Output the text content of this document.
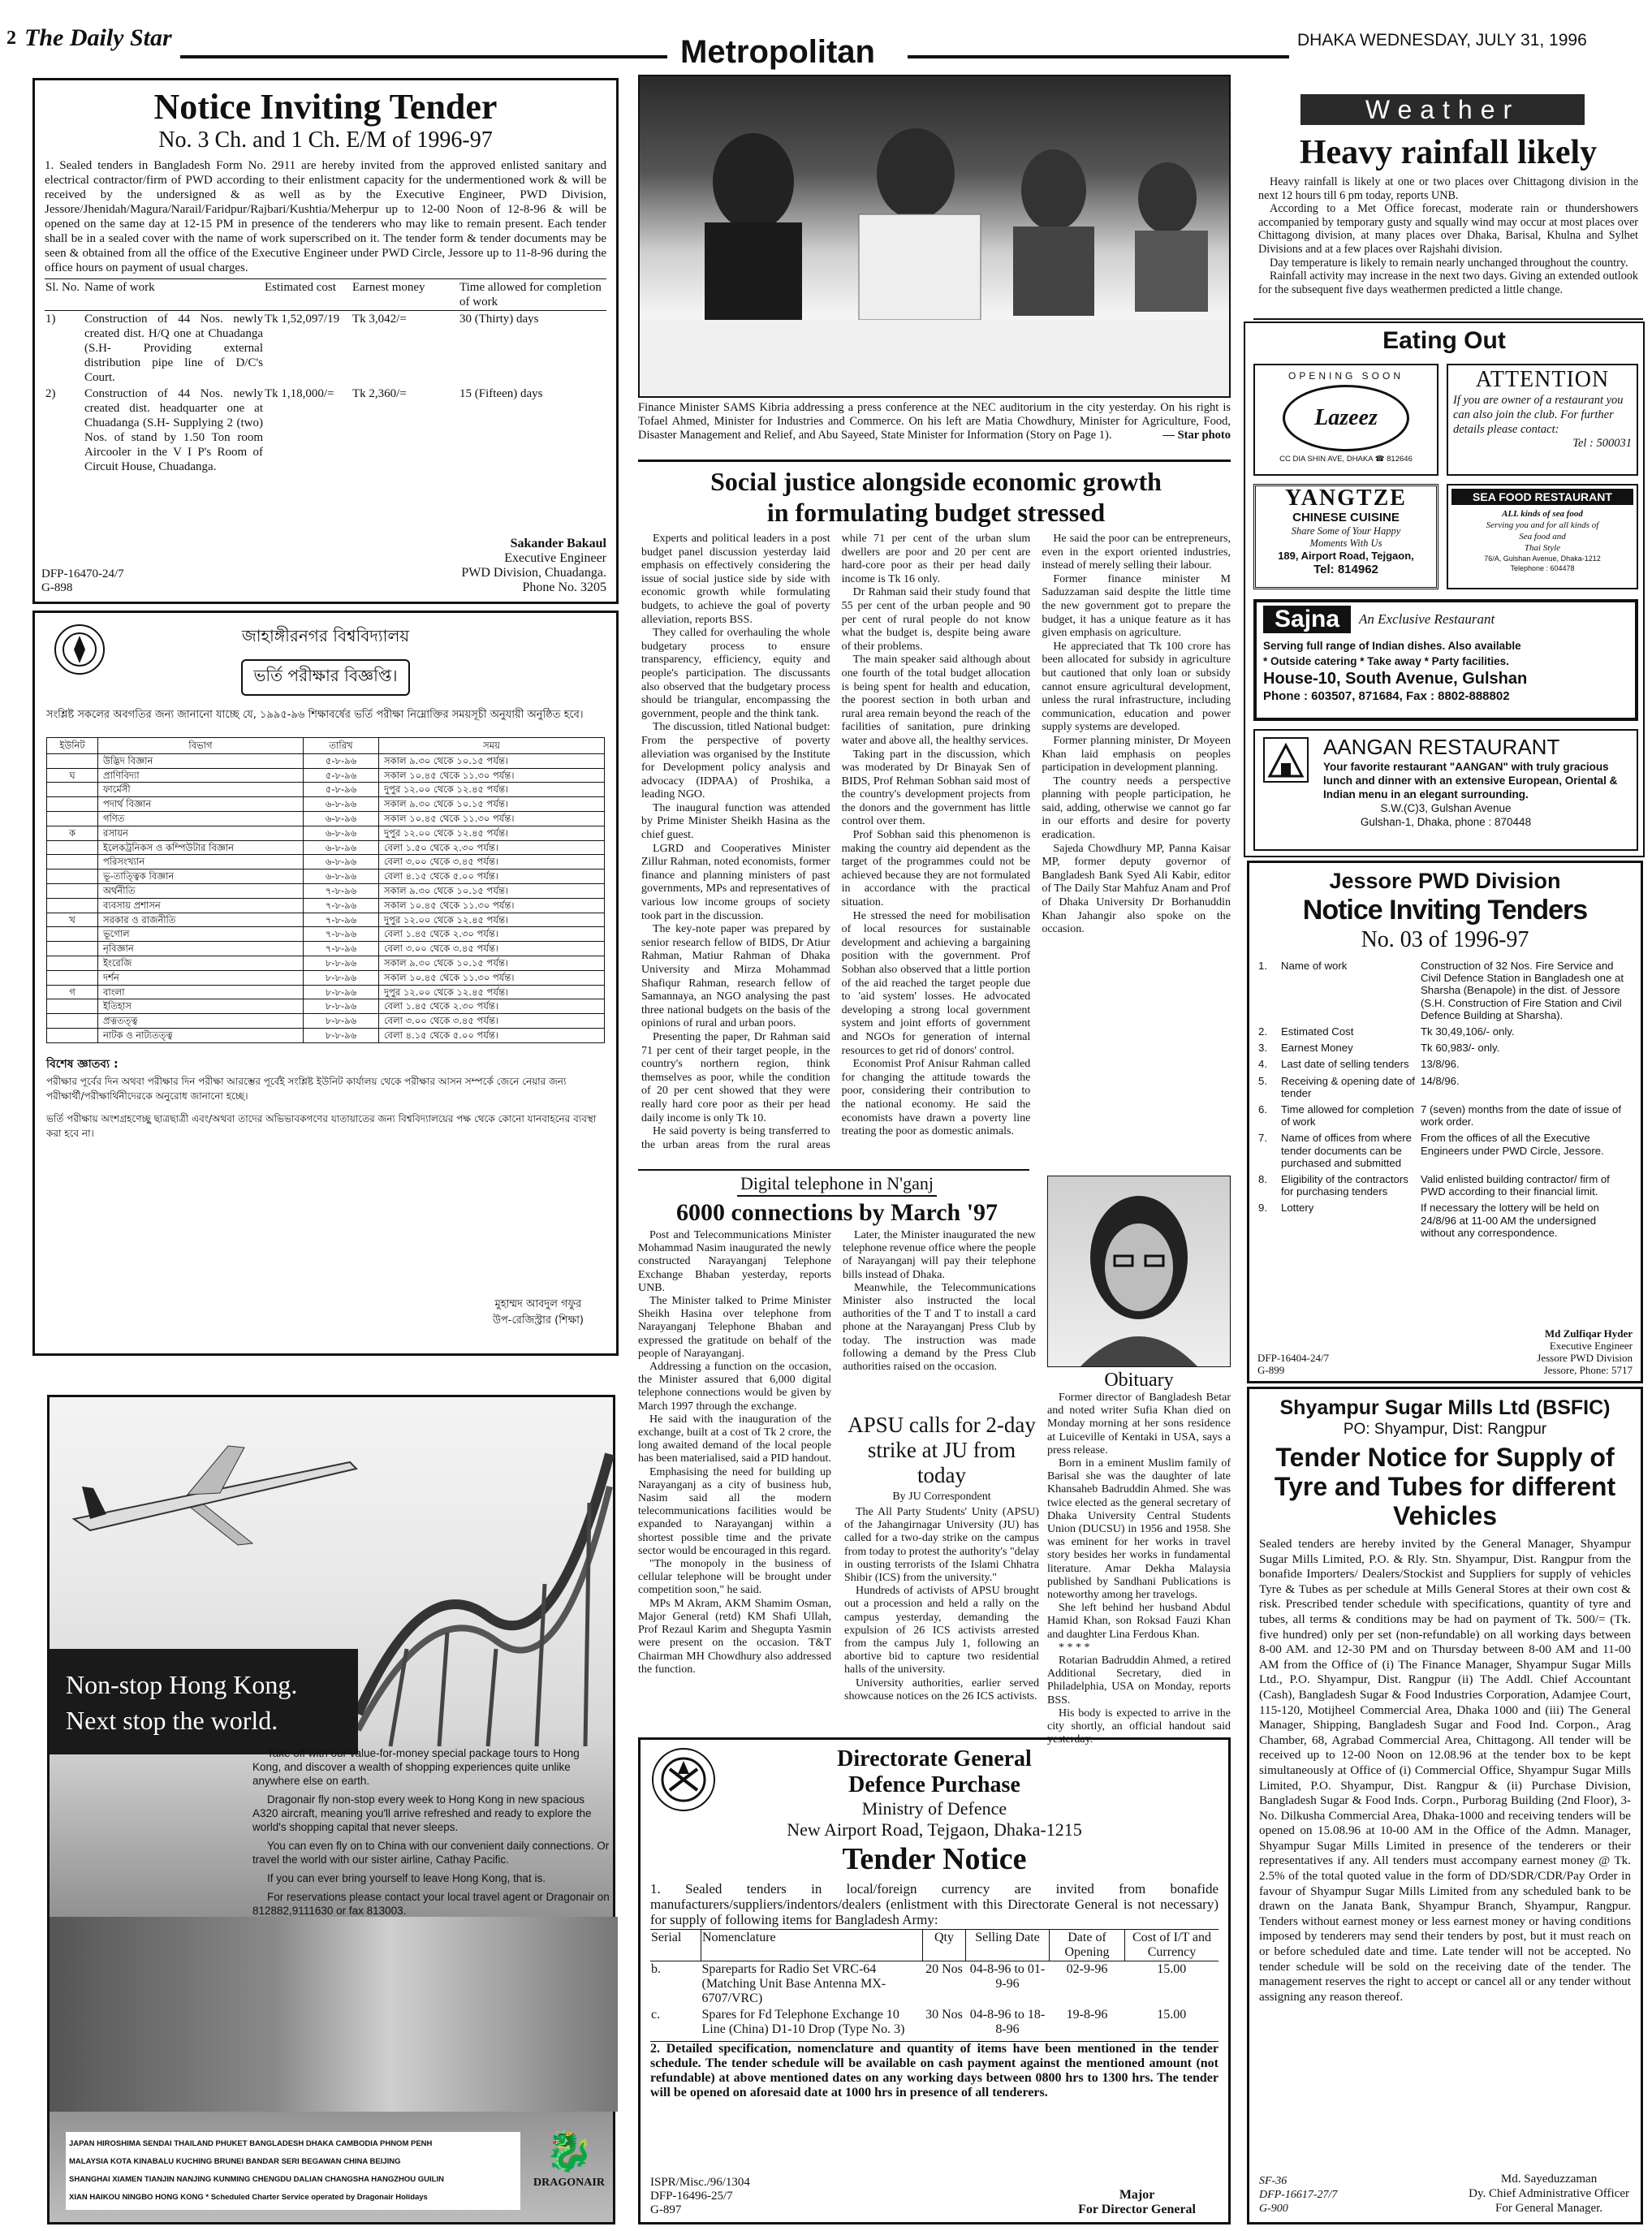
2 The Daily Star	Metropolitan	DHAKA WEDNESDAY, JULY 31, 1996
Notice Inviting Tender
No. 3 Ch. and 1 Ch. E/M of 1996-97
1. Sealed tenders in Bangladesh Form No. 2911 are hereby invited from the approved enlisted sanitary and electrical contractor/firm of PWD according to their enlistment capacity for the undermentioned work & will be received by the undersigned & as well as by the Executive Engineer, PWD Division, Jessore/Jhenidah/Magura/Narail/Faridpur/Rajbari/Kushtia/Meherpur up to 12-00 Noon of 12-8-96 & will be opened on the same day at 12-15 PM in presence of the tenderers who may like to remain present. Each tender shall be in a sealed cover with the name of work superscribed on it. The tender form & tender documents may be seen & obtained from all the office of the Executive Engineer under PWD Circle, Jessore up to 11-8-96 during the office hours on payment of usual charges.
Sl. No.	Name of work	Estimated cost	Earnest money	Time allowed for completion of work
1)	Construction of 44 Nos. newly created dist. H/Q one at Chuadanga (S.H- Providing external distribution pipe line of D/C's Court.	Tk 1,52,097/19	Tk 3,042/=	30 (Thirty) days
2)	Construction of 44 Nos. newly created dist. headquarter one at Chuadanga (S.H- Supplying 2 (two) Nos. of stand by 1.50 Ton room Aircooler in the V I P's Room of Circuit House, Chuadanga.	Tk 1,18,000/=	Tk 2,360/=	15 (Fifteen) days
Sakander Bakaul
Executive Engineer
PWD Division, Chuadanga.
Phone No. 3205
DFP-16470-24/7
G-898
জাহাঙ্গীরনগর বিশ্ববিদ্যালয়
ভর্তি পরীক্ষার বিজ্ঞপ্তি।
সংশ্লিষ্ট সকলের অবগতির জন্য জানানো যাচ্ছে যে, ১৯৯৫-৯৬ শিক্ষাবর্ষের ভর্তি পরীক্ষা নিম্নোক্তির সময়সূচী অনুযায়ী অনুষ্ঠিত হবে।
ইউনিট	বিভাগ	তারিখ	সময়
	উদ্ভিদ বিজ্ঞান	৫-৮-৯৬	সকাল ৯.৩০ থেকে ১০.১৫ পর্যন্ত।
ঘ	প্রাণিবিদ্যা	৫-৮-৯৬	সকাল ১০.৪৫ থেকে ১১.৩০ পর্যন্ত।
	ফার্মেসী	৫-৮-৯৬	দুপুর ১২.০০ থেকে ১২.৪৫ পর্যন্ত।
	পদার্থ বিজ্ঞান	৬-৮-৯৬	সকাল ৯.৩০ থেকে ১০.১৫ পর্যন্ত।
	গণিত	৬-৮-৯৬	সকাল ১০.৪৫ থেকে ১১.৩০ পর্যন্ত।
ক	রসায়ন	৬-৮-৯৬	দুপুর ১২.০০ থেকে ১২.৪৫ পর্যন্ত।
	ইলেকট্রনিকস ও কম্পিউটার বিজ্ঞান	৬-৮-৯৬	বেলা ১.৫০ থেকে ২.৩০ পর্যন্ত।
	পরিসংখ্যান	৬-৮-৯৬	বেলা ৩.০০ থেকে ৩.৪৫ পর্যন্ত।
	ভূ-তাত্ত্বিক বিজ্ঞান	৬-৮-৯৬	বেলা ৪.১৫ থেকে ৫.০০ পর্যন্ত।
	অর্থনীতি	৭-৮-৯৬	সকাল ৯.৩০ থেকে ১০.১৫ পর্যন্ত।
	ব্যবসায় প্রশাসন	৭-৮-৯৬	সকাল ১০.৪৫ থেকে ১১.৩০ পর্যন্ত।
খ	সরকার ও রাজনীতি	৭-৮-৯৬	দুপুর ১২.০০ থেকে ১২.৪৫ পর্যন্ত।
	ভূগোল	৭-৮-৯৬	বেলা ১.৪৫ থেকে ২.৩০ পর্যন্ত।
	নৃবিজ্ঞান	৭-৮-৯৬	বেলা ৩.০০ থেকে ৩.৪৫ পর্যন্ত।
	ইংরেজি	৮-৮-৯৬	সকাল ৯.৩০ থেকে ১০.১৫ পর্যন্ত।
	দর্শন	৮-৮-৯৬	সকাল ১০.৪৫ থেকে ১১.৩০ পর্যন্ত।
গ	বাংলা	৮-৮-৯৬	দুপুর ১২.০০ থেকে ১২.৪৫ পর্যন্ত।
	ইতিহাস	৮-৮-৯৬	বেলা ১.৪৫ থেকে ২.৩০ পর্যন্ত।
	প্রত্নতত্ত্ব	৮-৮-৯৬	বেলা ৩.০০ থেকে ৩.৪৫ পর্যন্ত।
	নাটক ও নাট্যতত্ত্ব	৮-৮-৯৬	বেলা ৪.১৫ থেকে ৫.০০ পর্যন্ত।
বিশেষ জ্ঞাতব্য :
পরীক্ষার পূর্বের দিন অথবা পরীক্ষার দিন পরীক্ষা আরম্ভের পূর্বেই সংশ্লিষ্ট ইউনিট কার্যালয় থেকে পরীক্ষার আসন সম্পর্কে জেনে নেয়ার জন্য পরীক্ষার্থী/পরীক্ষার্থিনীদেরকে অনুরোধ জানানো হচ্ছে।
ভর্তি পরীক্ষায় অংশগ্রহণেচ্ছু ছাত্রছাত্রী এবং/অথবা তাদের অভিভাবকগণের যাতায়াতের জন্য বিশ্ববিদ্যালয়ের পক্ষ থেকে কোনো যানবাহনের ব্যবস্থা করা হবে না।
মুহাম্মদ আবদুল গফুর
উপ-রেজিস্ট্রার (শিক্ষা)
Non-stop Hong Kong.
Next stop the world.

Take off with our value-for-money special package tours to Hong Kong, and discover a wealth of shopping experiences quite unlike anywhere else on earth.

Dragonair fly non-stop every week to Hong Kong in new spacious A320 aircraft, meaning you'll arrive refreshed and ready to explore the world's shopping capital that never sleeps.

You can even fly on to China with our convenient daily connections. Or travel the world with our sister airline, Cathay Pacific.

If you can ever bring yourself to leave Hong Kong, that is.

For reservations please contact your local travel agent or Dragonair on 812882,9111630 or fax 813003.

JAPAN HIROSHIMA SENDAI THAILAND PHUKET BANGLADESH DHAKA CAMBODIA PHNOM PENH
MALAYSIA KOTA KINABALU KUCHING BRUNEI BANDAR SERI BEGAWAN CHINA BEIJING
SHANGHAI XIAMEN TIANJIN NANJING KUNMING CHENGDU DALIAN CHANGSHA HANGZHOU GUILIN
XIAN HAIKOU NINGBO HONG KONG * Scheduled Charter Service operated by Dragonair Holidays
🐉
DRAGONAIR
Finance Minister SAMS Kibria addressing a press conference at the NEC auditorium in the city yesterday. On his right is Tofael Ahmed, Minister for Industries and Commerce. On his left are Matia Chowdhury, Minister for Agriculture, Food, Disaster Management and Relief, and Abu Sayeed, State Minister for Information (Story on Page 1).	— Star photo
Social justice alongside economic growth
in formulating budget stressed

Experts and political leaders in a post budget panel discussion yesterday laid emphasis on effectively considering the issue of social justice side by side with economic growth while formulating budgets, to achieve the goal of poverty alleviation, reports BSS.

They called for overhauling the whole budgetary process to ensure transparency, efficiency, equity and people's participation. The discussants also observed that the budgetary process should be triangular, encompassing the government, people and the think tank.

The discussion, titled National budget: From the perspective of poverty alleviation was organised by the Institute for Development policy analysis and advocacy (IDPAA) of Proshika, a leading NGO.

The inaugural function was attended by Prime Minister Sheikh Hasina as the chief guest.

LGRD and Cooperatives Minister Zillur Rahman, noted economists, former finance and planning ministers of past governments, MPs and representatives of various low income groups of society took part in the discussion.

The key-note paper was prepared by senior research fellow of BIDS, Dr Atiur Rahman, Matiur Rahman of Dhaka University and Mirza Mohammad Shafiqur Rahman, research fellow of Samannaya, an NGO analysing the past three national budgets on the basis of the opinions of rural and urban poors.

Presenting the paper, Dr Rahman said 71 per cent of their target people, in the country's northern region, think themselves as poor, while the condition of 20 per cent showed that they were really hard core poor as their per head daily income is only Tk 10.

He said poverty is being transferred to the urban areas from the rural areas while 71 per cent of the urban slum dwellers are poor and 20 per cent are hard-core poor as their per head daily income is Tk 16 only.

Dr Rahman said their study found that 55 per cent of the urban people and 90 per cent of rural people do not know what the budget is, despite being aware of their problems.

The main speaker said although about one fourth of the total budget allocation is being spent for health and education, the poorest section in both urban and rural area remain beyond the reach of the facilities of sanitation, pure drinking water and above all, the healthy services.

Taking part in the discussion, which was moderated by Dr Binayak Sen of BIDS, Prof Rehman Sobhan said most of the country's development projects from the donors and the government has little control over them.

Prof Sobhan said this phenomenon is making the country aid dependent as the target of the programmes could not be achieved because they are not formulated in accordance with the practical situation.

He stressed the need for mobilisation of local resources for sustainable development and achieving a bargaining position with the government. Prof Sobhan also observed that a little portion of the aid reached the target people due to 'aid system' losses. He advocated developing a strong local government system and joint efforts of government and NGOs for generation of internal resources to get rid of donors' control.

Economist Prof Anisur Rahman called for changing the attitude towards the poor, considering their contribution to the national economy. He said the economists have drawn a poverty line treating the poor as domestic animals.

He said the poor can be entrepreneurs, even in the export oriented industries, instead of merely selling their labour.

Former finance minister M Saduzzaman said despite the little time the new government got to prepare the budget, it has a unique feature as it has given emphasis on agriculture.

He appreciated that Tk 100 crore has been allocated for subsidy in agriculture but cautioned that only loan or subsidy cannot ensure agricultural development, unless the rural infrastructure, including communication, education and power supply systems are developed.

Former planning minister, Dr Moyeen Khan laid emphasis on peoples participation in development planning.

The country needs a perspective planning with people participation, he said, adding, otherwise we cannot go far in our efforts and desire for poverty eradication.

Sajeda Chowdhury MP, Panna Kaisar MP, former deputy governor of Bangladesh Bank Syed Ali Kabir, editor of The Daily Star Mahfuz Anam and Prof of Dhaka University Dr Borhanuddin Khan Jahangir also spoke on the occasion.

Digital telephone in N'ganj
6000 connections by March '97

Post and Telecommunications Minister Mohammad Nasim inaugurated the newly constructed Narayanganj Telephone Exchange Bhaban yesterday, reports UNB.

The Minister talked to Prime Minister Sheikh Hasina over telephone from Narayanganj Telephone Bhaban and expressed the gratitude on behalf of the people of Narayanganj.

Addressing a function on the occasion, the Minister assured that 6,000 digital telephone connections would be given by March 1997 through the exchange.

He said with the inauguration of the exchange, built at a cost of Tk 2 crore, the long awaited demand of the local people has been materialised, said a PID handout.

Emphasising the need for building up Narayanganj as a city of business hub, Nasim said all the modern telecommunications facilities would be expanded to Narayanganj within a shortest possible time and the private sector would be encouraged in this regard.

"The monopoly in the business of cellular telephone will be brought under competition soon," he said.

MPs M Akram, AKM Shamim Osman, Major General (retd) KM Shafi Ullah, Prof Rezaul Karim and Shegupta Yasmin were present on the occasion. T&T Chairman MH Chowdhury also addressed the function.

Later, the Minister inaugurated the new telephone revenue office where the people of Narayanganj will pay their telephone bills instead of Dhaka.

Meanwhile, the Telecommunications Minister also instructed the local authorities of the T and T to install a card phone at the Narayanganj Press Club by today. The instruction was made following a demand by the Press Club authorities raised on the occasion.

APSU calls for 2-day strike at JU from today
By JU Correspondent

The All Party Students' Unity (APSU) of the Jahangirnagar University (JU) has called for a two-day strike on the campus from today to protest the authority's "delay in ousting terrorists of the Islami Chhatra Shibir (ICS) from the university."

Hundreds of activists of APSU brought out a procession and held a rally on the campus yesterday, demanding the expulsion of 26 ICS activists arrested from the campus July 1, following an abortive bid to capture two residential halls of the university.

University authorities, earlier served showcause notices on the 26 ICS activists.

Obituary

Former director of Bangladesh Betar and noted writer Sufia Khan died on Monday morning at her sons residence at Luiceville of Kentaki in USA, says a press release.

Born in a eminent Muslim family of Barisal she was the daughter of late Khansaheb Badruddin Ahmed. She was twice elected as the general secretary of Dhaka University Central Students Union (DUCSU) in 1956 and 1958. She was eminent for her works in travel story besides her works in fundamental literature. Amar Dekha Malaysia published by Sandhani Publications is noteworthy among her travelogs.

She left behind her husband Abdul Hamid Khan, son Roksad Fauzi Khan and daughter Lina Ferdous Khan.

* * * *

Rotarian Badruddin Ahmed, a retired Additional Secretary, died in Philadelphia, USA on Monday, reports BSS.

His body is expected to arrive in the city shortly, an official handout said yesterday.

Directorate General
Defence Purchase
Ministry of Defence
New Airport Road, Tejgaon, Dhaka-1215
Tender Notice
1. Sealed tenders in local/foreign currency are invited from bonafide manufacturers/suppliers/indentors/dealers (enlistment with this Directorate General is not necessary) for supply of following items for Bangladesh Army:
Serial	Nomenclature	Qty	Selling Date	Date of Opening	Cost of I/T and Currency
b.	Spareparts for Radio Set VRC-64 (Matching Unit Base Antenna MX-6707/VRC)	20 Nos	04-8-96 to 01-9-96	02-9-96	15.00
c.	Spares for Fd Telephone Exchange 10 Line (China) D1-10 Drop (Type No. 3)	30 Nos	04-8-96 to 18-8-96	19-8-96	15.00
2. Detailed specification, nomenclature and quantity of items have been mentioned in the tender schedule. The tender schedule will be available on cash payment against the mentioned amount (not refundable) at above mentioned dates on any working days between 0800 hrs to 1300 hrs. The tender will be opened on aforesaid date at 1000 hrs in presence of all tenderers.
ISPR/Misc./96/1304
DFP-16496-25/7
G-897
Major
For Director General
Weather
Heavy rainfall likely

Heavy rainfall is likely at one or two places over Chittagong division in the next 12 hours till 6 pm today, reports UNB.

According to a Met Office forecast, moderate rain or thundershowers accompanied by temporary gusty and squally wind may occur at most places over Chittagong division, at many places over Dhaka, Barisal, Khulna and Sylhet Divisions and at a few places over Rajshahi division.

Day temperature is likely to remain nearly unchanged throughout the country.

Rainfall activity may increase in the next two days. Giving an extended outlook for the subsequent five days weathermen predicted a little change.

Eating Out
OPENING SOON
Lazeez
CC DIA SHIN AVE, DHAKA ☎ 812646
ATTENTION
If you are owner of a restaurant you can also join the club. For further details please contact:
Tel : 500031
YANGTZE
CHINESE CUISINE
Share Some of Your Happy
Moments With Us
189, Airport Road, Tejgaon,
Tel: 814962
SEA FOOD RESTAURANT
ALL kinds of sea food
Serving you and for all kinds of
Sea food and
Thai Style
76/A, Gulshan Avenue, Dhaka-1212
Telephone : 604478
Sajna	An Exclusive Restaurant
Serving full range of Indian dishes. Also available
* Outside catering * Take away * Party facilities.
House-10, South Avenue, Gulshan
Phone : 603507, 871684, Fax : 8802-888802
AANGAN RESTAURANT
Your favorite restaurant "AANGAN" with truly gracious lunch and dinner with an extensive European, Oriental & Indian menu in an elegant surrounding.
S.W.(C)3, Gulshan Avenue
Gulshan-1, Dhaka, phone : 870448
Jessore PWD Division
Notice Inviting Tenders
No. 03 of 1996-97
1.	Name of work	Construction of 32 Nos. Fire Service and Civil Defence Station in Bangladesh one at Sharsha (Benapole) in the dist. of Jessore (S.H. Construction of Fire Station and Civil Defence Building at Sharsha).
2.	Estimated Cost	Tk 30,49,106/- only.
3.	Earnest Money	Tk 60,983/- only.
4.	Last date of selling tenders	13/8/96.
5.	Receiving & opening date of tender	14/8/96.
6.	Time allowed for completion of work	7 (seven) months from the date of issue of work order.
7.	Name of offices from where tender documents can be purchased and submitted	From the offices of all the Executive Engineers under PWD Circle, Jessore.
8.	Eligibility of the contractors for purchasing tenders	Valid enlisted building contractor/ firm of PWD according to their financial limit.
9.	Lottery	If necessary the lottery will be held on 24/8/96 at 11-00 AM the undersigned without any correspondence.
Md Zulfiqar Hyder
Executive Engineer
Jessore PWD Division
Jessore, Phone: 5717
DFP-16404-24/7
G-899
Shyampur Sugar Mills Ltd (BSFIC)
PO: Shyampur, Dist: Rangpur
Tender Notice for Supply of Tyre and Tubes for different Vehicles
Sealed tenders are hereby invited by the General Manager, Shyampur Sugar Mills Limited, P.O. & Rly. Stn. Shyampur, Dist. Rangpur from the bonafide Importers/ Dealers/Stockist and Suppliers for supply of vehicles Tyre & Tubes as per schedule at Mills General Stores at their own cost & risk. Prescribed tender schedule with specifications, quantity of tyre and tubes, all terms & conditions may be had on payment of Tk. 500/= (Tk. five hundred) only per set (non-refundable) on all working days between 8-00 AM. and 12-30 PM and on Thursday between 8-00 AM and 11-00 AM from the Office of (i) The Finance Manager, Shyampur Sugar Mills Ltd., P.O. Shyampur, Dist. Rangpur (ii) The Addl. Chief Accountant (Cash), Bangladesh Sugar & Food Industries Corporation, Adamjee Court, 115-120, Motijheel Commercial Area, Dhaka 1000 and (iii) The General Manager, Shipping, Bangladesh Sugar and Food Ind. Corpon., Arag Chamber, 68, Agrabad Commercial Area, Chittagong. All tender will be received up to 12-00 Noon on 12.08.96 at the tender box to be kept simultaneously at Office of (i) Commercial Office, Shyampur Sugar Mills Limited, P.O. Shyampur, Dist. Rangpur & (ii) Purchase Division, Bangladesh Sugar & Food Inds. Corpn., Purborag Building (2nd Floor), 3-No. Dilkusha Commercial Area, Dhaka-1000 and receiving tenders will be opened on 15.08.96 at 10-00 AM in the Office of the Admn. Manager, Shyampur Sugar Mills Limited in presence of the tenderers or their representatives if any. All tenders must accompany earnest money @ Tk. 2.5% of the total quoted value in the form of DD/SDR/CDR/Pay Order in favour of Shyampur Sugar Mills Limited from any scheduled bank to be drawn on the Janata Bank, Shyampur Branch, Shyampur, Rangpur. Tenders without earnest money or less earnest money or having conditions imposed by tenderers may send their tenders by post, but it must reach on or before scheduled date and time. Late tender will not be accepted. No tender schedule will be sold on the receiving date of the tender. The management reserves the right to accept or cancel all or any tender without assigning any reason thereof.
SF-36
DFP-16617-27/7
G-900
Md. Sayeduzzaman
Dy. Chief Administrative Officer
For General Manager.
